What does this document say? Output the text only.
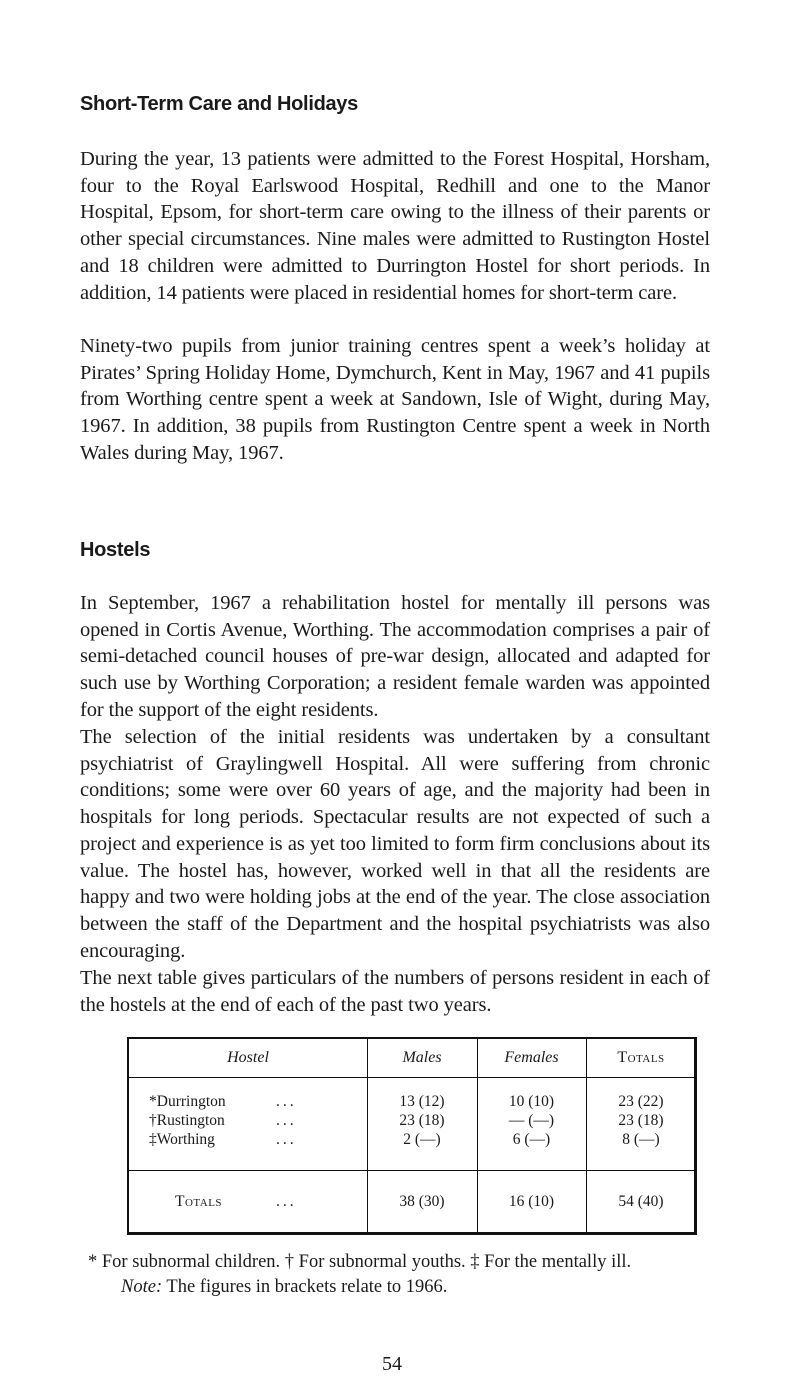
Short-Term Care and Holidays

During the year, 13 patients were admitted to the Forest Hospital, Horsham, four to the Royal Earlswood Hospital, Redhill and one to the Manor Hospital, Epsom, for short-term care owing to the illness of their parents or other special circumstances. Nine males were admitted to Rustington Hostel and 18 children were admitted to Durrington Hostel for short periods. In addition, 14 patients were placed in residential homes for short-term care.

Ninety-two pupils from junior training centres spent a week’s holiday at Pirates’ Spring Holiday Home, Dymchurch, Kent in May, 1967 and 41 pupils from Worthing centre spent a week at Sandown, Isle of Wight, during May, 1967. In addition, 38 pupils from Rustington Centre spent a week in North Wales during May, 1967.

Hostels

In September, 1967 a rehabilitation hostel for mentally ill persons was opened in Cortis Avenue, Worthing. The accommodation comprises a pair of semi-detached council houses of pre-war design, allocated and adapted for such use by Worthing Corporation; a resident female warden was appointed for the support of the eight residents.

The selection of the initial residents was undertaken by a consultant psychiatrist of Graylingwell Hospital. All were suffering from chronic conditions; some were over 60 years of age, and the majority had been in hospitals for long periods. Spectacular results are not expected of such a project and experience is as yet too limited to form firm conclusions about its value. The hostel has, however, worked well in that all the residents are happy and two were holding jobs at the end of the year. The close association between the staff of the Department and the hospital psychiatrists was also encouraging.

The next table gives particulars of the numbers of persons resident in each of the hostels at the end of each of the past two years.

Hostel	Males	Females	Totals
*Durrington	...	13 (12)	10 (10)	23 (22)
†Rustington	...	23 (18)	— (—)	23 (18)
‡Worthing	...	2 (—)	6 (—)	8 (—)
Totals	...	38 (30)	16 (10)	54 (40)

* For subnormal children. † For subnormal youths. ‡ For the mentally ill.

Note: The figures in brackets relate to 1966.

54
